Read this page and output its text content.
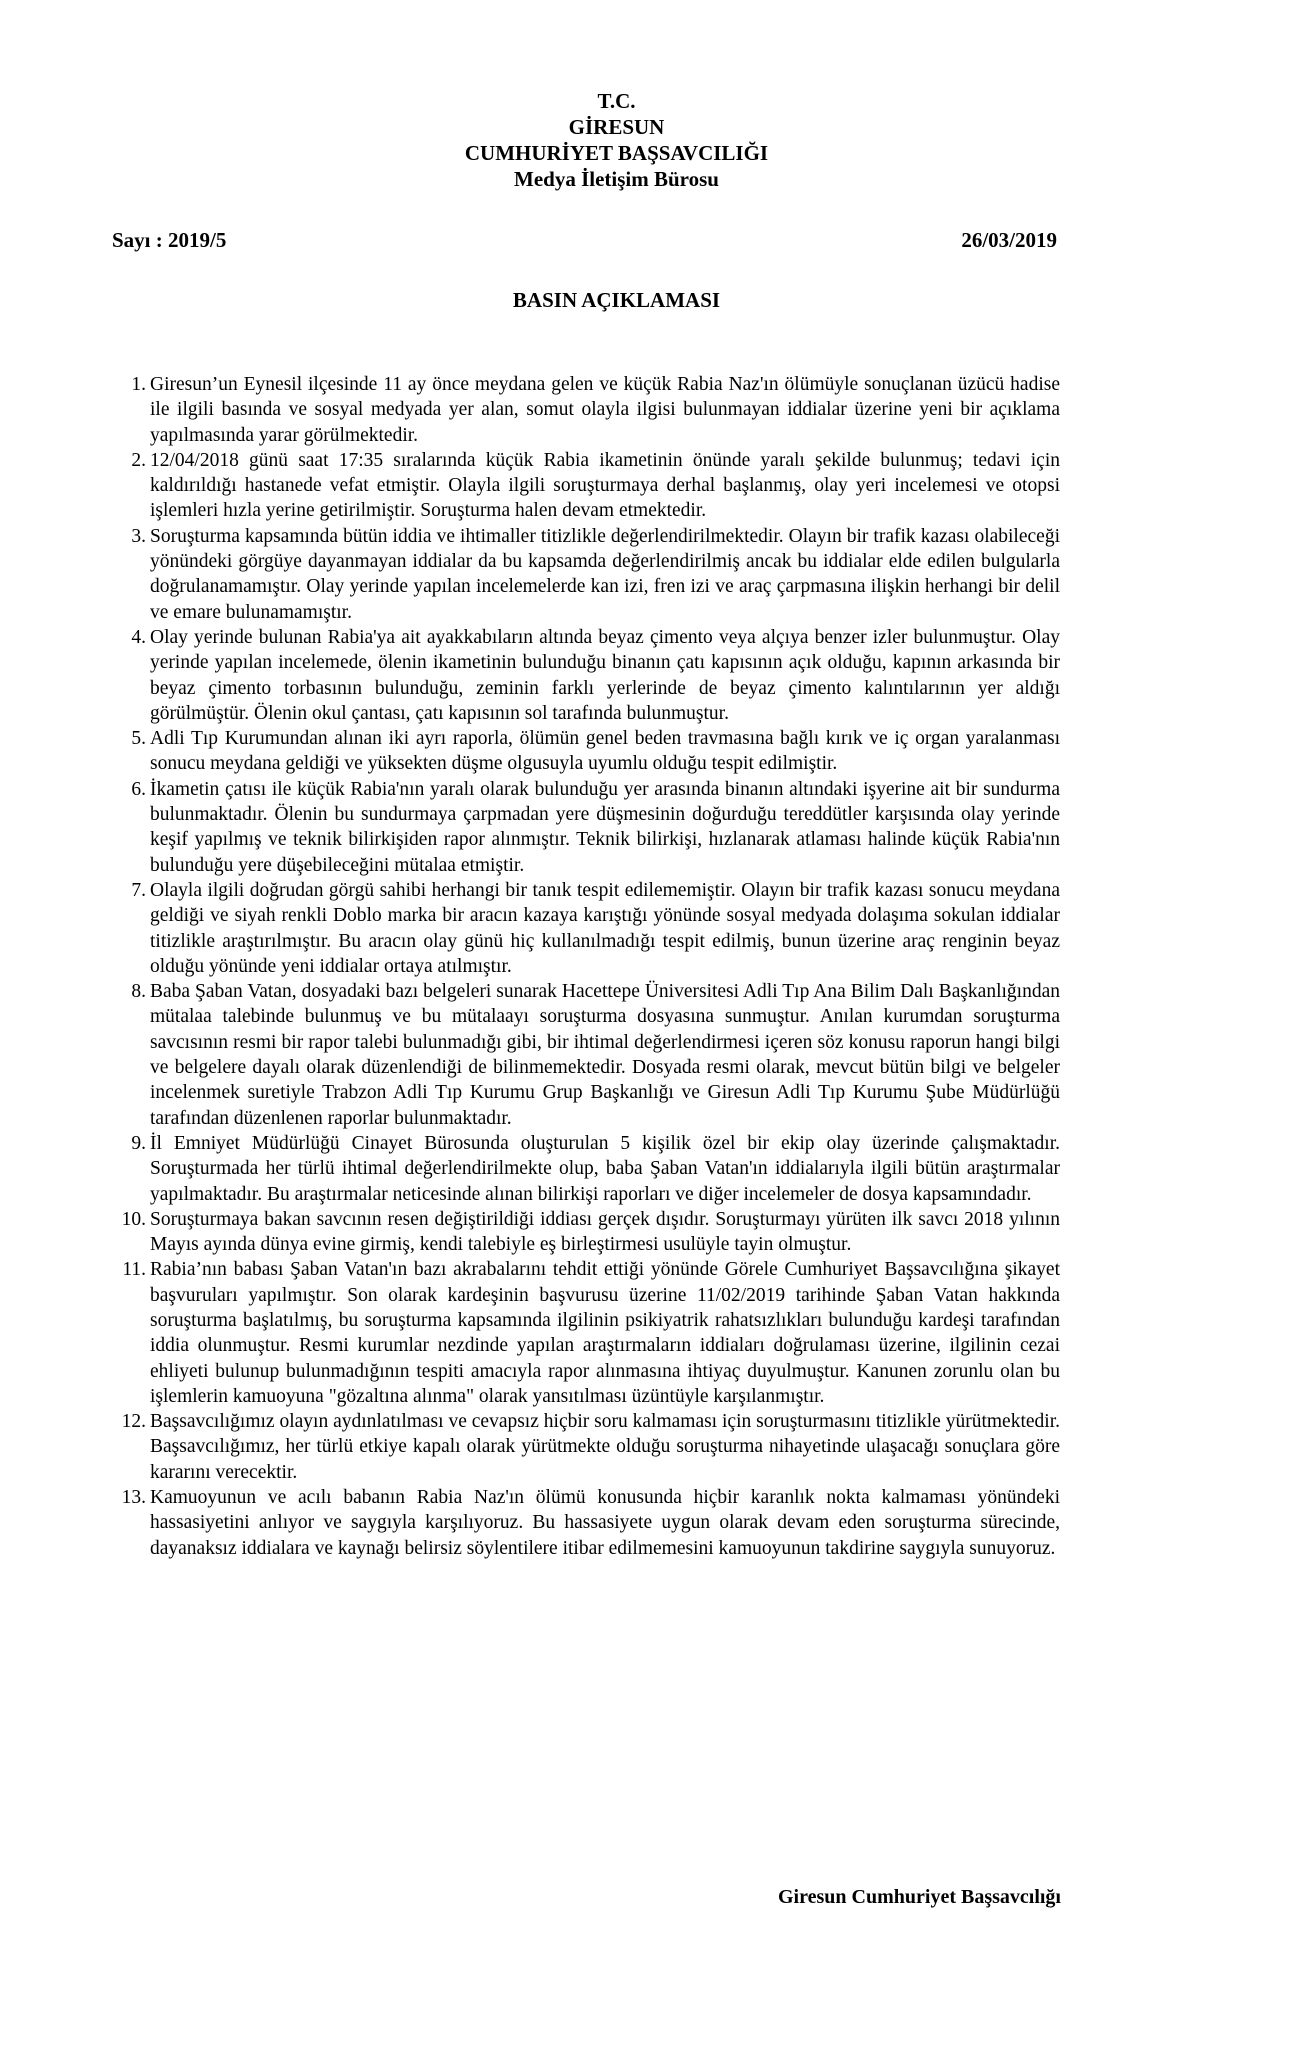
T.C.
GİRESUN
CUMHURİYET BAŞSAVCILIĞI
Medya İletişim Bürosu
Sayı : 2019/5	26/03/2019
BASIN AÇIKLAMASI
1. Giresun’un Eynesil ilçesinde 11 ay önce meydana gelen ve küçük Rabia Naz'ın ölümüyle sonuçlanan üzücü hadise ile ilgili basında ve sosyal medyada yer alan, somut olayla ilgisi bulunmayan iddialar üzerine yeni bir açıklama yapılmasında yarar görülmektedir.
2. 12/04/2018 günü saat 17:35 sıralarında küçük Rabia ikametinin önünde yaralı şekilde bulunmuş; tedavi için kaldırıldığı hastanede vefat etmiştir. Olayla ilgili soruşturmaya derhal başlanmış, olay yeri incelemesi ve otopsi işlemleri hızla yerine getirilmiştir. Soruşturma halen devam etmektedir.
3. Soruşturma kapsamında bütün iddia ve ihtimaller titizlikle değerlendirilmektedir. Olayın bir trafik kazası olabileceği yönündeki görgüye dayanmayan iddialar da bu kapsamda değerlendirilmiş ancak bu iddialar elde edilen bulgularla doğrulanamamıştır. Olay yerinde yapılan incelemelerde kan izi, fren izi ve araç çarpmasına ilişkin herhangi bir delil ve emare bulunamamıştır.
4. Olay yerinde bulunan Rabia'ya ait ayakkabıların altında beyaz çimento veya alçıya benzer izler bulunmuştur. Olay yerinde yapılan incelemede, ölenin ikametinin bulunduğu binanın çatı kapısının açık olduğu, kapının arkasında bir beyaz çimento torbasının bulunduğu, zeminin farklı yerlerinde de beyaz çimento kalıntılarının yer aldığı görülmüştür. Ölenin okul çantası, çatı kapısının sol tarafında bulunmuştur.
5. Adli Tıp Kurumundan alınan iki ayrı raporla, ölümün genel beden travmasına bağlı kırık ve iç organ yaralanması sonucu meydana geldiği ve yüksekten düşme olgusuyla uyumlu olduğu tespit edilmiştir.
6. İkametin çatısı ile küçük Rabia'nın yaralı olarak bulunduğu yer arasında binanın altındaki işyerine ait bir sundurma bulunmaktadır. Ölenin bu sundurmaya çarpmadan yere düşmesinin doğurduğu tereddütler karşısında olay yerinde keşif yapılmış ve teknik bilirkişiden rapor alınmıştır. Teknik bilirkişi, hızlanarak atlaması halinde küçük Rabia'nın bulunduğu yere düşebileceğini mütalaa etmiştir.
7. Olayla ilgili doğrudan görgü sahibi herhangi bir tanık tespit edilememiştir. Olayın bir trafik kazası sonucu meydana geldiği ve siyah renkli Doblo marka bir aracın kazaya karıştığı yönünde sosyal medyada dolaşıma sokulan iddialar titizlikle araştırılmıştır. Bu aracın olay günü hiç kullanılmadığı tespit edilmiş, bunun üzerine araç renginin beyaz olduğu yönünde yeni iddialar ortaya atılmıştır.
8. Baba Şaban Vatan, dosyadaki bazı belgeleri sunarak Hacettepe Üniversitesi Adli Tıp Ana Bilim Dalı Başkanlığından mütalaa talebinde bulunmuş ve bu mütalaayı soruşturma dosyasına sunmuştur. Anılan kurumdan soruşturma savcısının resmi bir rapor talebi bulunmadığı gibi, bir ihtimal değerlendirmesi içeren söz konusu raporun hangi bilgi ve belgelere dayalı olarak düzenlendiği de bilinmemektedir. Dosyada resmi olarak, mevcut bütün bilgi ve belgeler incelenmek suretiyle Trabzon Adli Tıp Kurumu Grup Başkanlığı ve Giresun Adli Tıp Kurumu Şube Müdürlüğü tarafından düzenlenen raporlar bulunmaktadır.
9. İl Emniyet Müdürlüğü Cinayet Bürosunda oluşturulan 5 kişilik özel bir ekip olay üzerinde çalışmaktadır. Soruşturmada her türlü ihtimal değerlendirilmekte olup, baba Şaban Vatan'ın iddialarıyla ilgili bütün araştırmalar yapılmaktadır. Bu araştırmalar neticesinde alınan bilirkişi raporları ve diğer incelemeler de dosya kapsamındadır.
10. Soruşturmaya bakan savcının resen değiştirildiği iddiası gerçek dışıdır. Soruşturmayı yürüten ilk savcı 2018 yılının Mayıs ayında dünya evine girmiş, kendi talebiyle eş birleştirmesi usulüyle tayin olmuştur.
11. Rabia’nın babası Şaban Vatan'ın bazı akrabalarını tehdit ettiği yönünde Görele Cumhuriyet Başsavcılığına şikayet başvuruları yapılmıştır. Son olarak kardeşinin başvurusu üzerine 11/02/2019 tarihinde Şaban Vatan hakkında soruşturma başlatılmış, bu soruşturma kapsamında ilgilinin psikiyatrik rahatsızlıkları bulunduğu kardeşi tarafından iddia olunmuştur. Resmi kurumlar nezdinde yapılan araştırmaların iddiaları doğrulaması üzerine, ilgilinin cezai ehliyeti bulunup bulunmadığının tespiti amacıyla rapor alınmasına ihtiyaç duyulmuştur. Kanunen zorunlu olan bu işlemlerin kamuoyuna "gözaltına alınma" olarak yansıtılması üzüntüyle karşılanmıştır.
12. Başsavcılığımız olayın aydınlatılması ve cevapsız hiçbir soru kalmaması için soruşturmasını titizlikle yürütmektedir. Başsavcılığımız, her türlü etkiye kapalı olarak yürütmekte olduğu soruşturma nihayetinde ulaşacağı sonuçlara göre kararını verecektir.
13. Kamuoyunun ve acılı babanın Rabia Naz'ın ölümü konusunda hiçbir karanlık nokta kalmaması yönündeki hassasiyetini anlıyor ve saygıyla karşılıyoruz. Bu hassasiyete uygun olarak devam eden soruşturma sürecinde, dayanaksız iddialara ve kaynağı belirsiz söylentilere itibar edilmemesini kamuoyunun takdirine saygıyla sunuyoruz.
Giresun Cumhuriyet Başsavcılığı
